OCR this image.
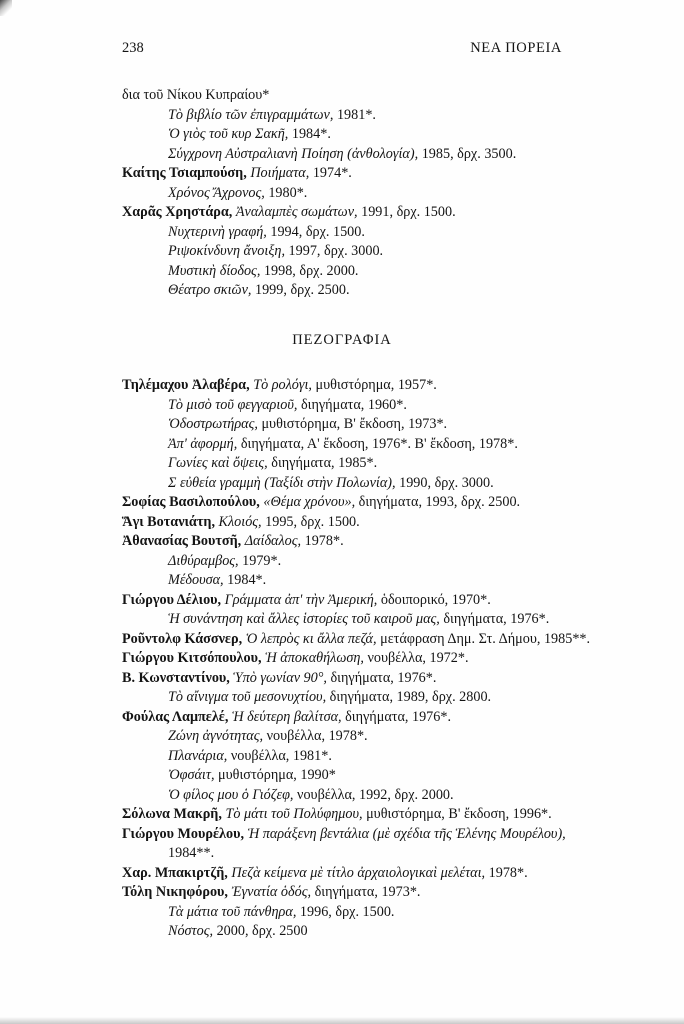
238	ΝΕΑ ΠΟΡΕΙΑ
δια τοῦ Νίκου Κυπραίου*
Τὸ βιβλίο τῶν ἐπιγραμμάτων, 1981*.
Ὁ γιὸς τοῦ κυρ Σακῆ, 1984*.
Σύγχρονη Αὐστραλιανὴ Ποίηση (ἀνθολογία), 1985, δρχ. 3500.
Καίτης Τσιαμπούση, Ποιήματα, 1974*.
Χρόνος Ἄχρονος, 1980*.
Χαρᾶς Χρηστάρα, Ἀναλαμπὲς σωμάτων, 1991, δρχ. 1500.
Νυχτερινὴ γραφή, 1994, δρχ. 1500.
Ριψοκίνδυνη ἄνοιξη, 1997, δρχ. 3000.
Μυστικὴ δίοδος, 1998, δρχ. 2000.
Θέατρο σκιῶν, 1999, δρχ. 2500.
ΠΕΖΟΓΡΑΦΙΑ
Τηλέμαχου Ἀλαβέρα, Τὸ ρολόγι, μυθιστόρημα, 1957*.
Τὸ μισὸ τοῦ φεγγαριοῦ, διηγήματα, 1960*.
Ὁδοστρωτήρας, μυθιστόρημα, Β' ἔκδοση, 1973*.
Ἀπ' ἀφορμή, διηγήματα, Α' ἔκδοση, 1976*. Β' ἔκδοση, 1978*.
Γωνίες καὶ ὄψεις, διηγήματα, 1985*.
Σ εὐθεία γραμμὴ (Ταξίδι στὴν Πολωνία), 1990, δρχ. 3000.
Σοφίας Βασιλοπούλου, «Θέμα χρόνου», διηγήματα, 1993, δρχ. 2500.
Ἅγι Βοτανιάτη, Κλοιός, 1995, δρχ. 1500.
Ἀθανασίας Βουτσῆ, Δαίδαλος, 1978*.
Διθύραμβος, 1979*.
Μέδουσα, 1984*.
Γιώργου Δέλιου, Γράμματα ἀπ' τὴν Ἀμερική, ὁδοιπορικό, 1970*.
Ἡ συνάντηση καὶ ἄλλες ἱστορίες τοῦ καιροῦ μας, διηγήματα, 1976*.
Ροῦντολφ Κάσσνερ, Ὁ λεπρὸς κι ἄλλα πεζά, μετάφραση Δημ. Στ. Δήμου, 1985**.
Γιώργου Κιτσόπουλου, Ἡ ἀποκαθήλωση, νουβέλλα, 1972*.
Β. Κωνσταντίνου, Ὑπὸ γωνίαν 90°, διηγήματα, 1976*.
Τὸ αἴνιγμα τοῦ μεσονυχτίου, διηγήματα, 1989, δρχ. 2800.
Φούλας Λαμπελέ, Ἡ δεύτερη βαλίτσα, διηγήματα, 1976*.
Ζώνη ἀγνότητας, νουβέλλα, 1978*.
Πλανάρια, νουβέλλα, 1981*.
Ὀφσάιτ, μυθιστόρημα, 1990*
Ὁ φίλος μου ὁ Γιόζεφ, νουβέλλα, 1992, δρχ. 2000.
Σόλωνα Μακρῆ, Τὸ μάτι τοῦ Πολύφημου, μυθιστόρημα, Β' ἔκδοση, 1996*.
Γιώργου Μουρέλου, Ἡ παράξενη βεντάλια (μὲ σχέδια τῆς Ἑλένης Μουρέλου),
1984**.
Χαρ. Μπακιρτζῆ, Πεζὰ κείμενα μὲ τίτλο ἀρχαιολογικαὶ μελέται, 1978*.
Τόλη Νικηφόρου, Ἐγνατία ὁδός, διηγήματα, 1973*.
Τὰ μάτια τοῦ πάνθηρα, 1996, δρχ. 1500.
Νόστος, 2000, δρχ. 2500
